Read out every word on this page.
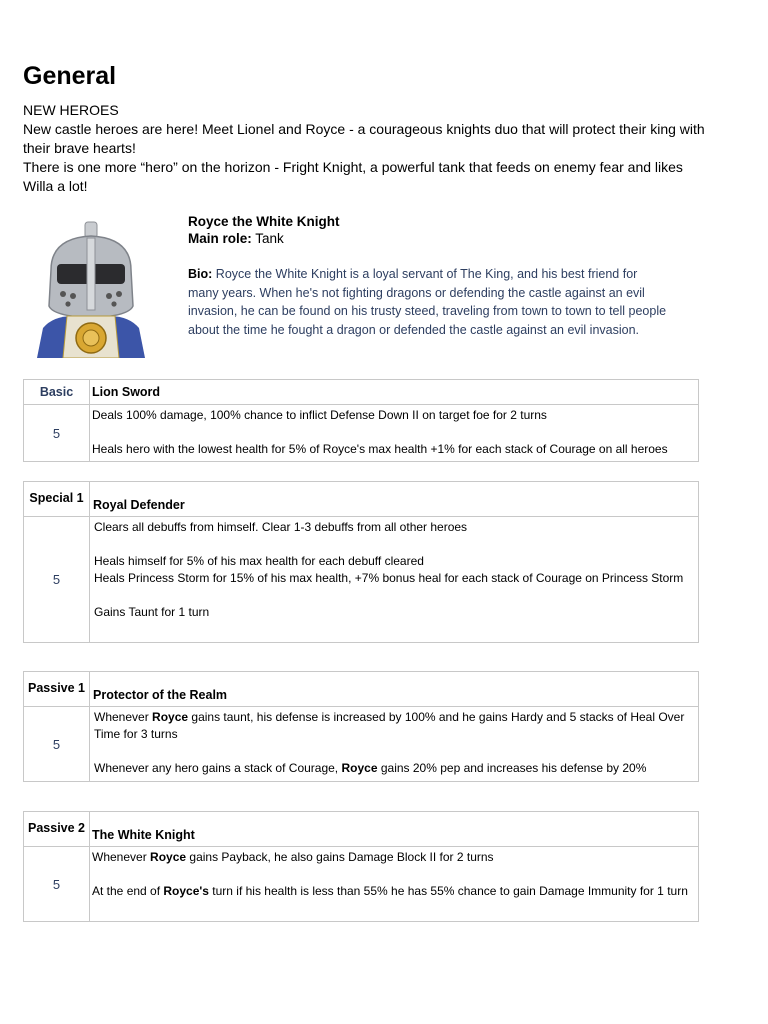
General

NEW HEROES

New castle heroes are here! Meet Lionel and Royce - a courageous knights duo that will protect their king with their brave hearts!

There is one more “hero” on the horizon - Fright Knight, a powerful tank that feeds on enemy fear and likes Willa a lot!

Royce the White Knight
Main role: Tank
Bio: Royce the White Knight is a loyal servant of The King, and his best friend for many years. When he's not fighting dragons or defending the castle against an evil invasion, he can be found on his trusty steed, traveling from town to town to tell people about the time he fought a dragon or defended the castle against an evil invasion.
Basic	Lion Sword
5	Deals 100% damage, 100% chance to inflict Defense Down II on target foe for 2 turns

Heals hero with the lowest health for 5% of Royce's max health +1% for each stack of Courage on all heroes

Special 1	Royal Defender
5	Clears all debuffs from himself. Clear 1-3 debuffs from all other heroes

Heals himself for 5% of his max health for each debuff cleared

Heals Princess Storm for 15% of his max health, +7% bonus heal for each stack of Courage on Princess Storm

Gains Taunt for 1 turn

Passive 1	Protector of the Realm
5	Whenever Royce gains taunt, his defense is increased by 100% and he gains Hardy and 5 stacks of Heal Over Time for 3 turns

Whenever any hero gains a stack of Courage, Royce gains 20% pep and increases his defense by 20%

Passive 2	The White Knight
5	Whenever Royce gains Payback, he also gains Damage Block II for 2 turns

At the end of Royce's turn if his health is less than 55% he has 55% chance to gain Damage Immunity for 1 turn
